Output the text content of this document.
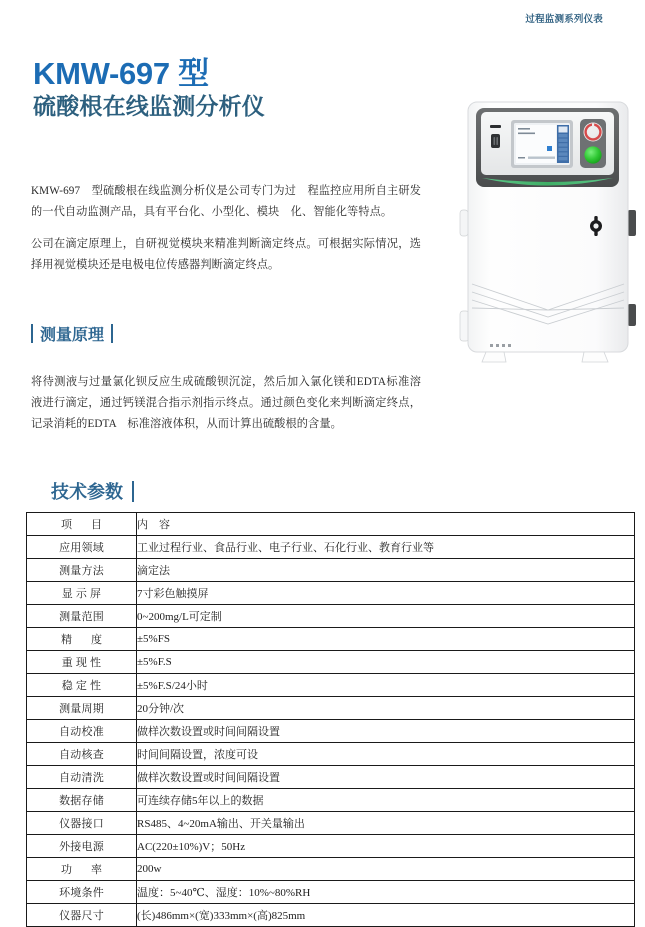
过程监测系列仪表
KMW-697 型
硫酸根在线监测分析仪

KMW-697　型硫酸根在线监测分析仪是公司专门为过　程监控应用所自主研发的一代自动监测产品，具有平台化、小型化、模块　化、智能化等特点。

公司在滴定原理上，自研视觉模块来精准判断滴定终点。可根据实际情况，选择用视觉模块还是电极电位传感器判断滴定终点。

测量原理

将待测液与过量氯化钡反应生成硫酸钡沉淀，然后加入氯化镁和EDTA标准溶液进行滴定，通过钙镁混合指示剂指示终点。通过颜色变化来判断滴定终点，记录消耗的EDTA　标准溶液体积，从而计算出硫酸根的含量。

技术参数
项　目	内　容
应用领域	工业过程行业、食品行业、电子行业、石化行业、教育行业等
测量方法	滴定法
显 示 屏	7寸彩色触摸屏
测量范围	0~200mg/L可定制
精　度	±5%FS
重 现 性	±5%F.S
稳 定 性	±5%F.S/24小时
测量周期	20分钟/次
自动校准	做样次数设置或时间间隔设置
自动核查	时间间隔设置，浓度可设
自动清洗	做样次数设置或时间间隔设置
数据存储	可连续存储5年以上的数据
仪器接口	RS485、4~20mA输出、开关量输出
外接电源	AC(220±10%)V；50Hz
功　率	200w
环境条件	温度：5~40℃、湿度：10%~80%RH
仪器尺寸	(长)486mm×(宽)333mm×(高)825mm
